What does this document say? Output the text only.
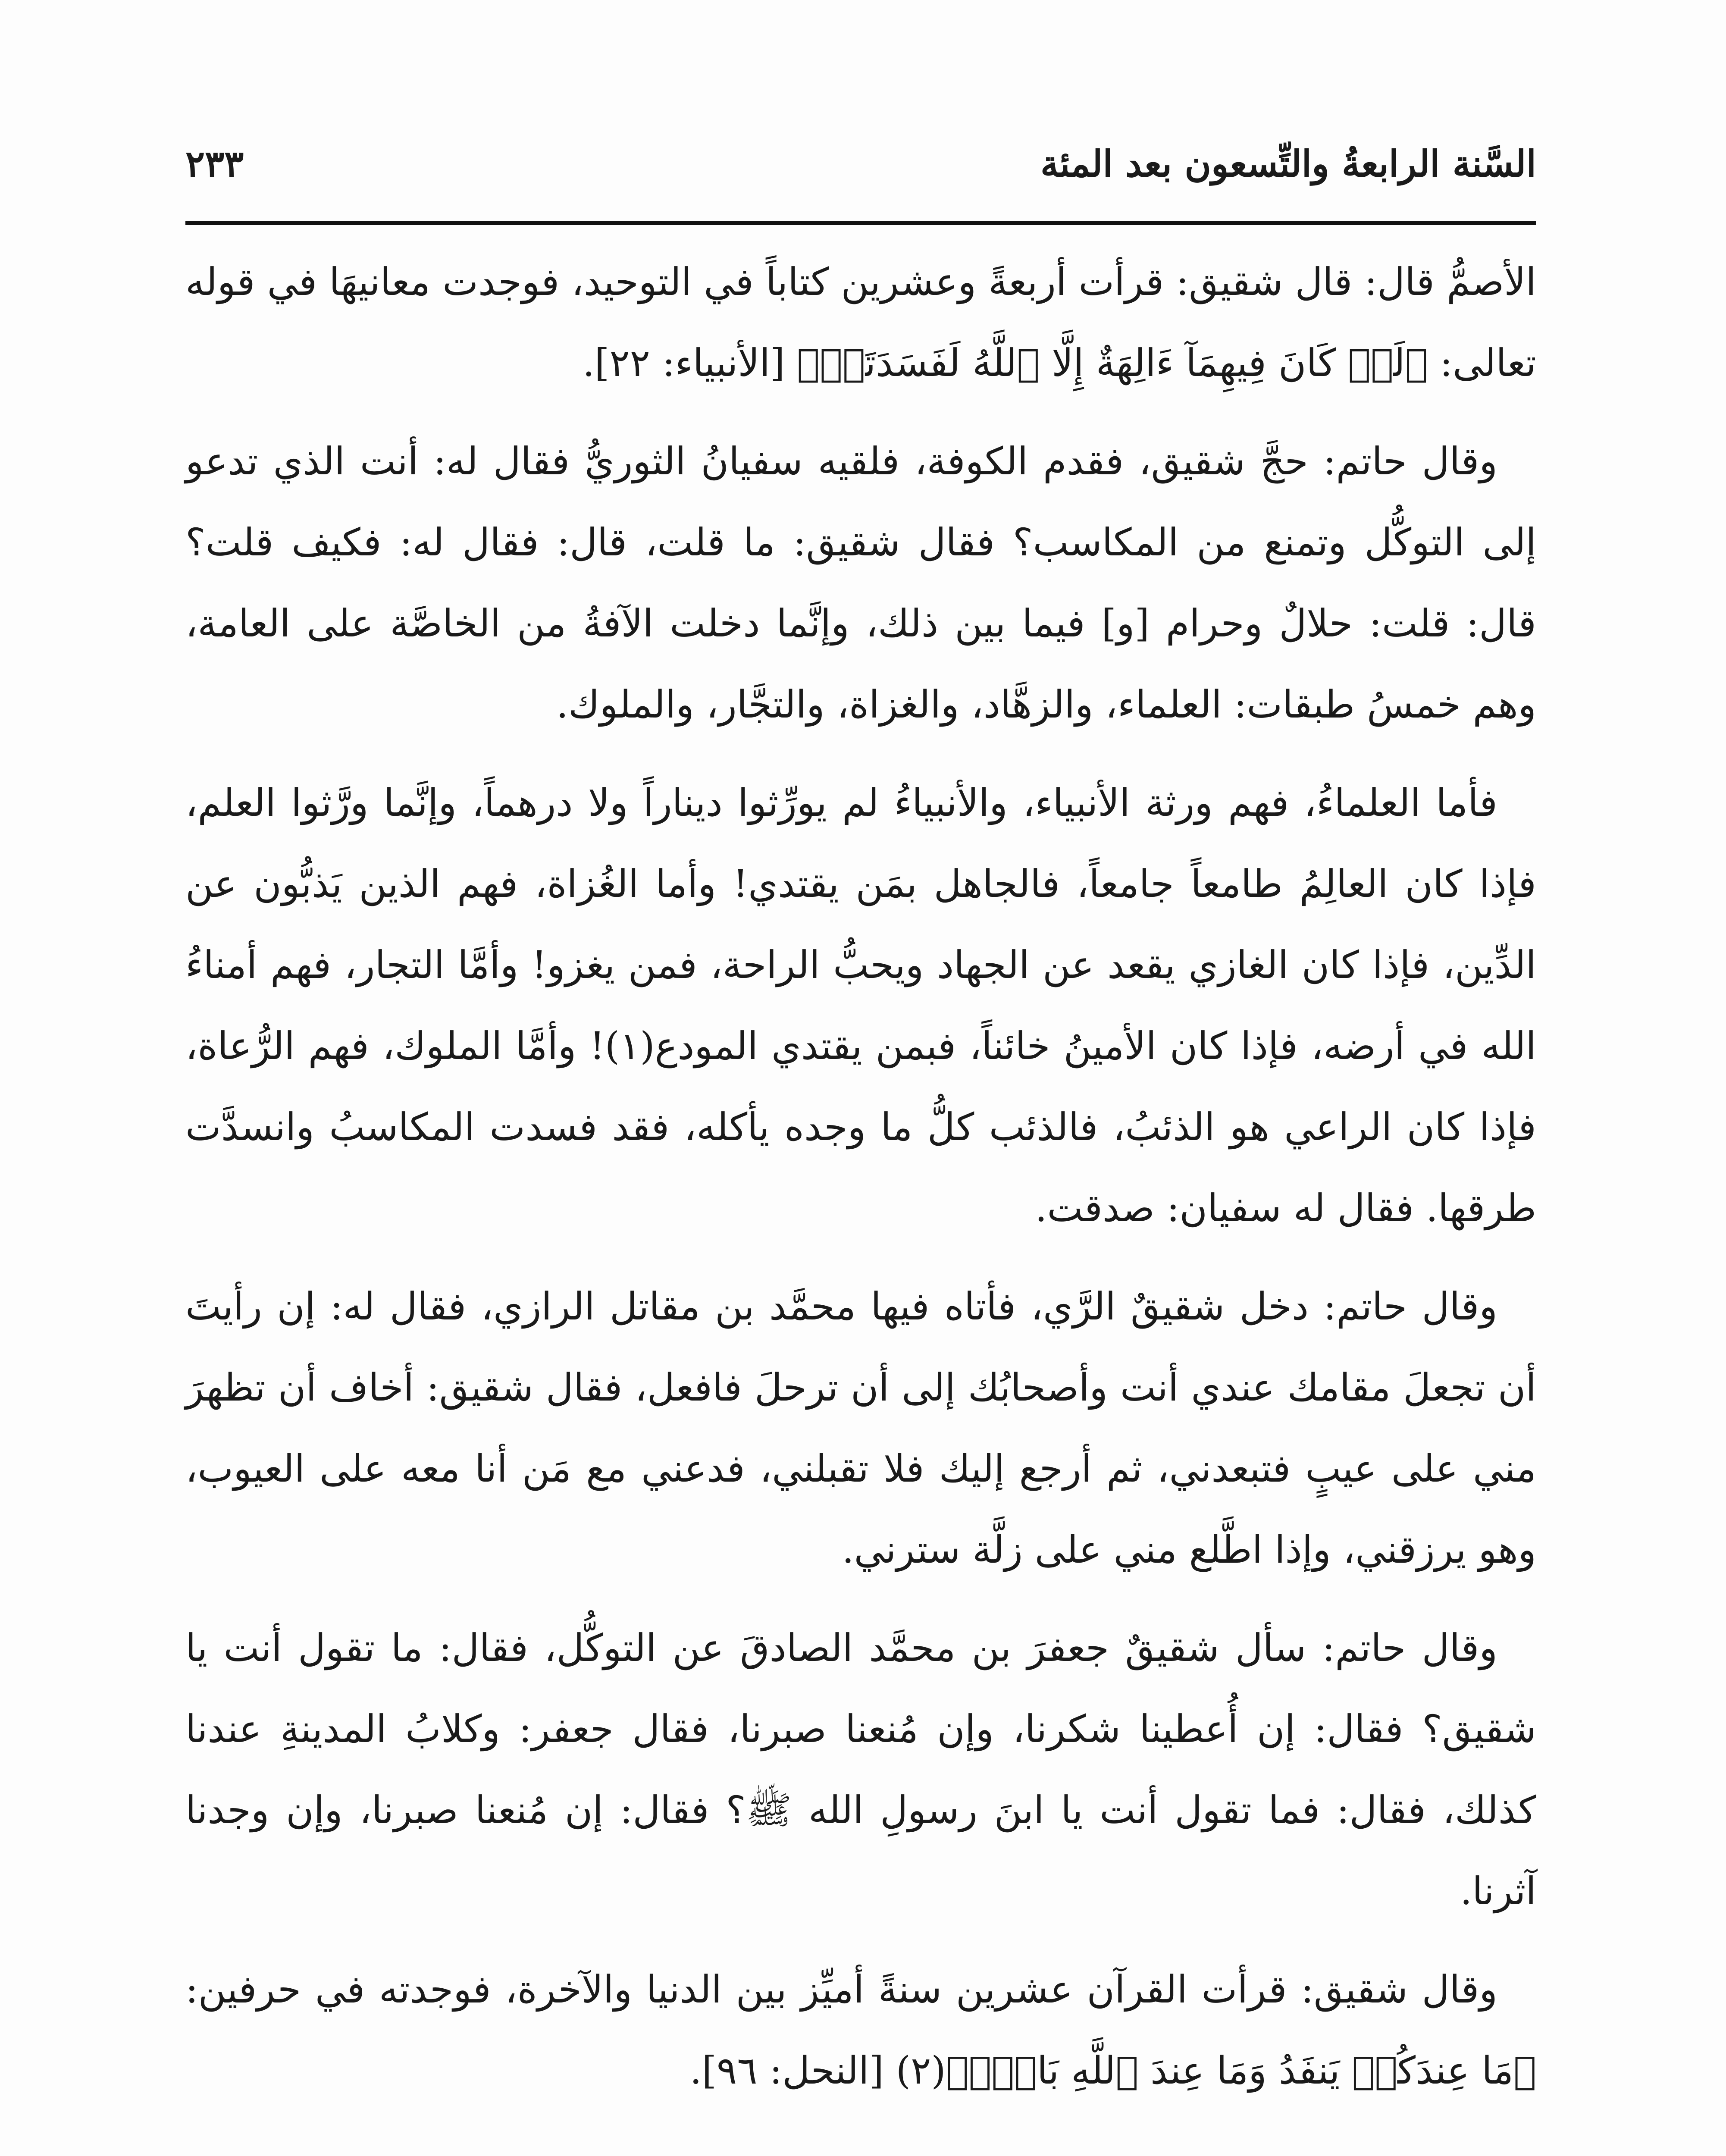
السَّنة الرابعةُ والتِّسعون بعد المئة
٢٣٣

الأصمُّ قال: قال شقيق: قرأت أربعةً وعشرين كتاباً في التوحيد، فوجدت معانيهَا في قوله تعالى: ﴿لَوۡ كَانَ فِيهِمَآ ءَالِهَةٌ إِلَّا ٱللَّهُ لَفَسَدَتَاۚ﴾ [الأنبياء: ٢٢].

وقال حاتم: حجَّ شقيق، فقدم الكوفة، فلقيه سفيانُ الثوريُّ فقال له: أنت الذي تدعو إلى التوكُّل وتمنع من المكاسب؟ فقال شقيق: ما قلت، قال: فقال له: فكيف قلت؟ قال: قلت: حلالٌ وحرام [و] فيما بين ذلك، وإنَّما دخلت الآفةُ من الخاصَّة على العامة، وهم خمسُ طبقات: العلماء، والزهَّاد، والغزاة، والتجَّار، والملوك.

فأما العلماءُ، فهم ورثة الأنبياء، والأنبياءُ لم يورِّثوا ديناراً ولا درهماً، وإنَّما ورَّثوا العلم، فإذا كان العالِمُ طامعاً جامعاً، فالجاهل بمَن يقتدي! وأما الغُزاة، فهم الذين يَذبُّون عن الدِّين، فإذا كان الغازي يقعد عن الجهاد ويحبُّ الراحة، فمن يغزو! وأمَّا التجار، فهم أمناءُ الله في أرضه، فإذا كان الأمينُ خائناً، فبمن يقتدي المودع(١)! وأمَّا الملوك، فهم الرُّعاة، فإذا كان الراعي هو الذئبُ، فالذئب كلُّ ما وجده يأكله، فقد فسدت المكاسبُ وانسدَّت طرقها. فقال له سفيان: صدقت.

وقال حاتم: دخل شقيقٌ الرَّي، فأتاه فيها محمَّد بن مقاتل الرازي، فقال له: إن رأيتَ أن تجعلَ مقامك عندي أنت وأصحابُك إلى أن ترحلَ فافعل، فقال شقيق: أخاف أن تظهرَ مني على عيبٍ فتبعدني، ثم أرجع إليك فلا تقبلني، فدعني مع مَن أنا معه على العيوب، وهو يرزقني، وإذا اطَّلع مني على زلَّة سترني.

وقال حاتم: سأل شقيقٌ جعفرَ بن محمَّد الصادقَ عن التوكُّل، فقال: ما تقول أنت يا شقيق؟ فقال: إن أُعطينا شكرنا، وإن مُنعنا صبرنا، فقال جعفر: وكلابُ المدينةِ عندنا كذلك، فقال: فما تقول أنت يا ابنَ رسولِ الله ﷺ؟ فقال: إن مُنعنا صبرنا، وإن وجدنا آثرنا.

وقال شقيق: قرأت القرآن عشرين سنةً أميِّز بين الدنيا والآخرة، فوجدته في حرفين: ﴿مَا عِندَكُمۡ يَنفَدُ وَمَا عِندَ ٱللَّهِ بَاقٖۗ﴾(٢) [النحل: ٩٦].
